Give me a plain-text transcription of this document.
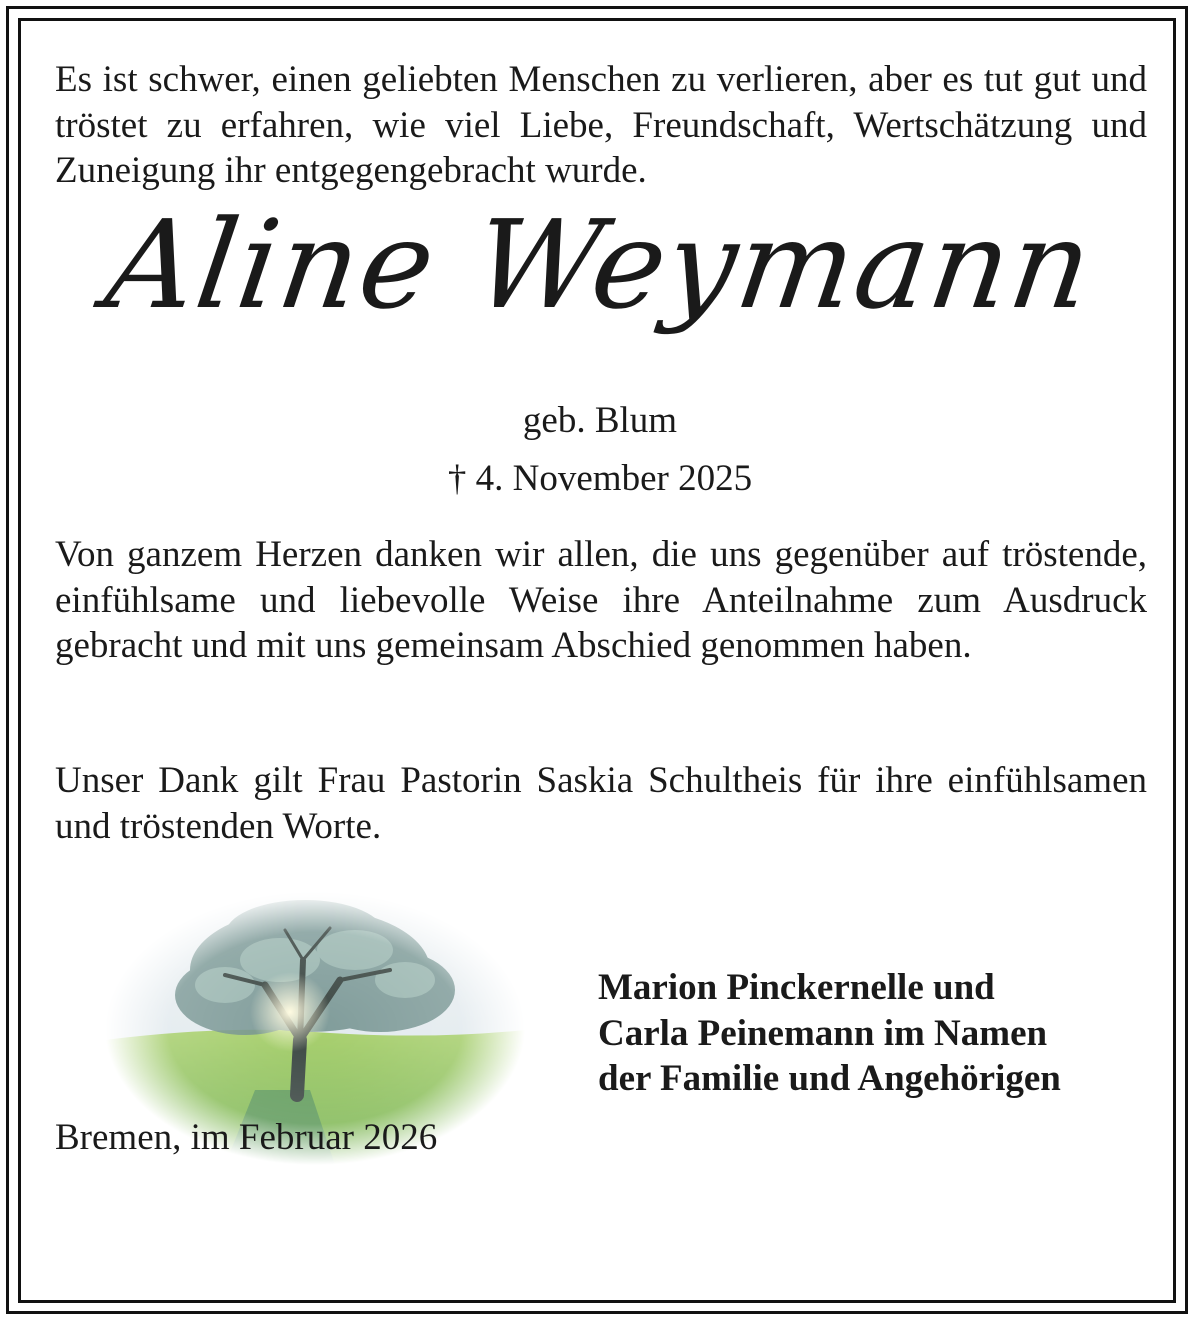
Es ist schwer, einen geliebten Menschen zu verlieren, aber es tut gut und tröstet zu erfahren, wie viel Liebe, Freundschaft, Wertschätzung und Zuneigung ihr entgegengebracht wurde.

Aline Weymann

geb. Blum

† 4. November 2025

Von ganzem Herzen danken wir allen, die uns gegenüber auf tröstende, einfühlsame und liebevolle Weise ihre Anteilnahme zum Ausdruck gebracht und mit uns gemeinsam Abschied genommen haben.

Unser Dank gilt Frau Pastorin Saskia Schultheis für ihre einfühlsamen und tröstenden Worte.

Marion Pinckernelle und
Carla Peinemann im Namen
der Familie und Angehörigen

Bremen, im Februar 2026
